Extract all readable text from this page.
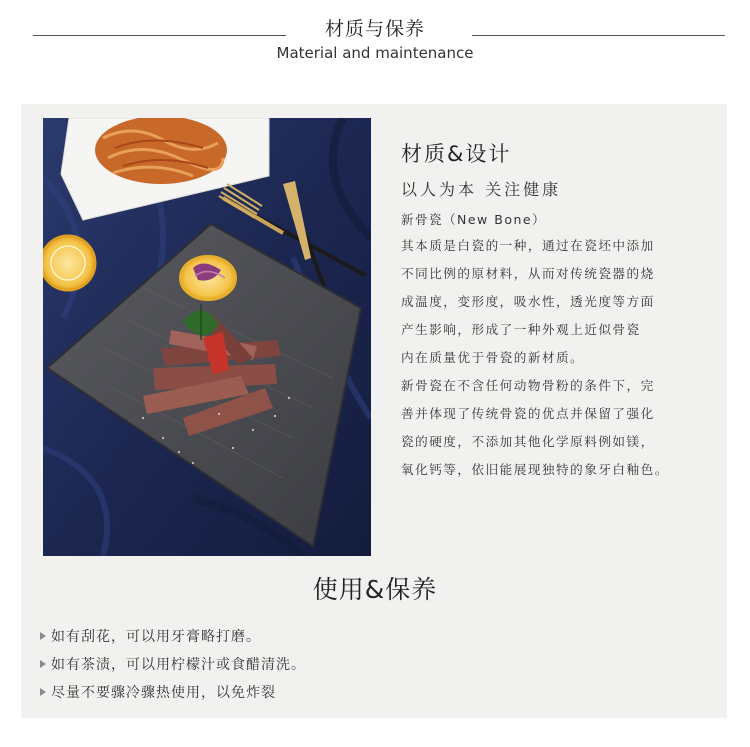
材质与保养
Material and maintenance
材质&设计
以人为本 关注健康
新骨瓷（New Bone）
其本质是白瓷的一种，通过在瓷坯中添加
不同比例的原材料，从而对传统瓷器的烧
成温度，变形度，吸水性，透光度等方面
产生影响，形成了一种外观上近似骨瓷
内在质量优于骨瓷的新材质。
新骨瓷在不含任何动物骨粉的条件下，完
善并体现了传统骨瓷的优点并保留了强化
瓷的硬度，不添加其他化学原料例如镁，
氧化钙等，依旧能展现独特的象牙白釉色。
使用&保养
如有刮花，可以用牙膏略打磨。
如有茶渍，可以用柠檬汁或食醋清洗。
尽量不要骤冷骤热使用，以免炸裂
